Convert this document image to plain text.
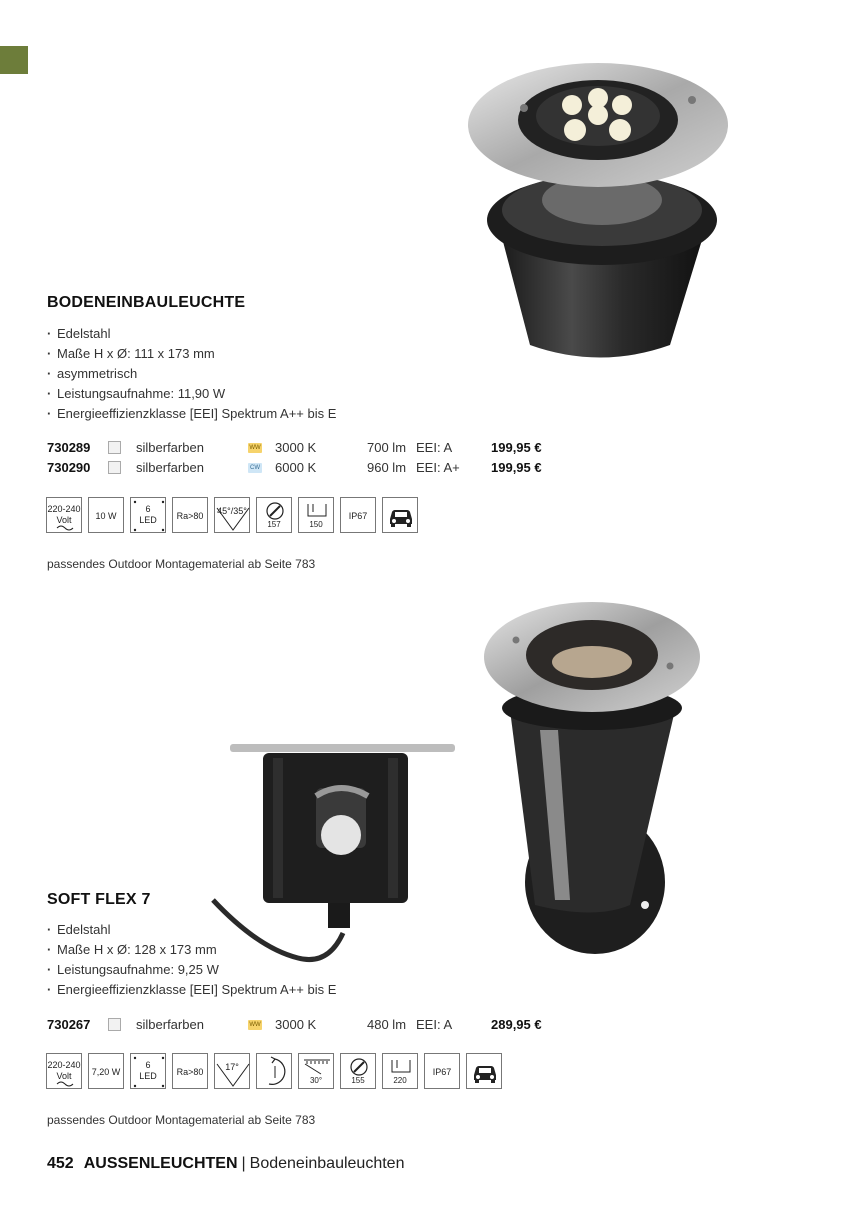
BODENEINBAULEUCHTE
· Edelstahl
· Maße H x Ø: 111 x 173 mm
· asymmetrisch
· Leistungsaufnahme: 11,90 W
· Energieeffizienzklasse [EEI] Spektrum A++ bis E
730289	silberfarben	WW 3000 K	700 lm EEI: A	199,95 €
730290	silberfarben	CW 6000 K	960 lm EEI: A+ 199,95 €
220-240
Volt	10 W
6
LED	Ra>80	45°/35°
157	150
IP67
passendes Outdoor Montagematerial ab Seite 783
SOFT FLEX 7
· Edelstahl
· Maße H x Ø: 128 x 173 mm
· Leistungsaufnahme: 9,25 W
· Energieeffizienzklasse [EEI] Spektrum A++ bis E
730267	silberfarben	WW 3000 K	480 lm EEI: A	289,95 €
220-240
Volt	7,20 W
6
LED	Ra>80	17°
30°	155	220
IP67
passendes Outdoor Montagematerial ab Seite 783
452 AUSSENLEUCHTEN | Bodeneinbauleuchten
